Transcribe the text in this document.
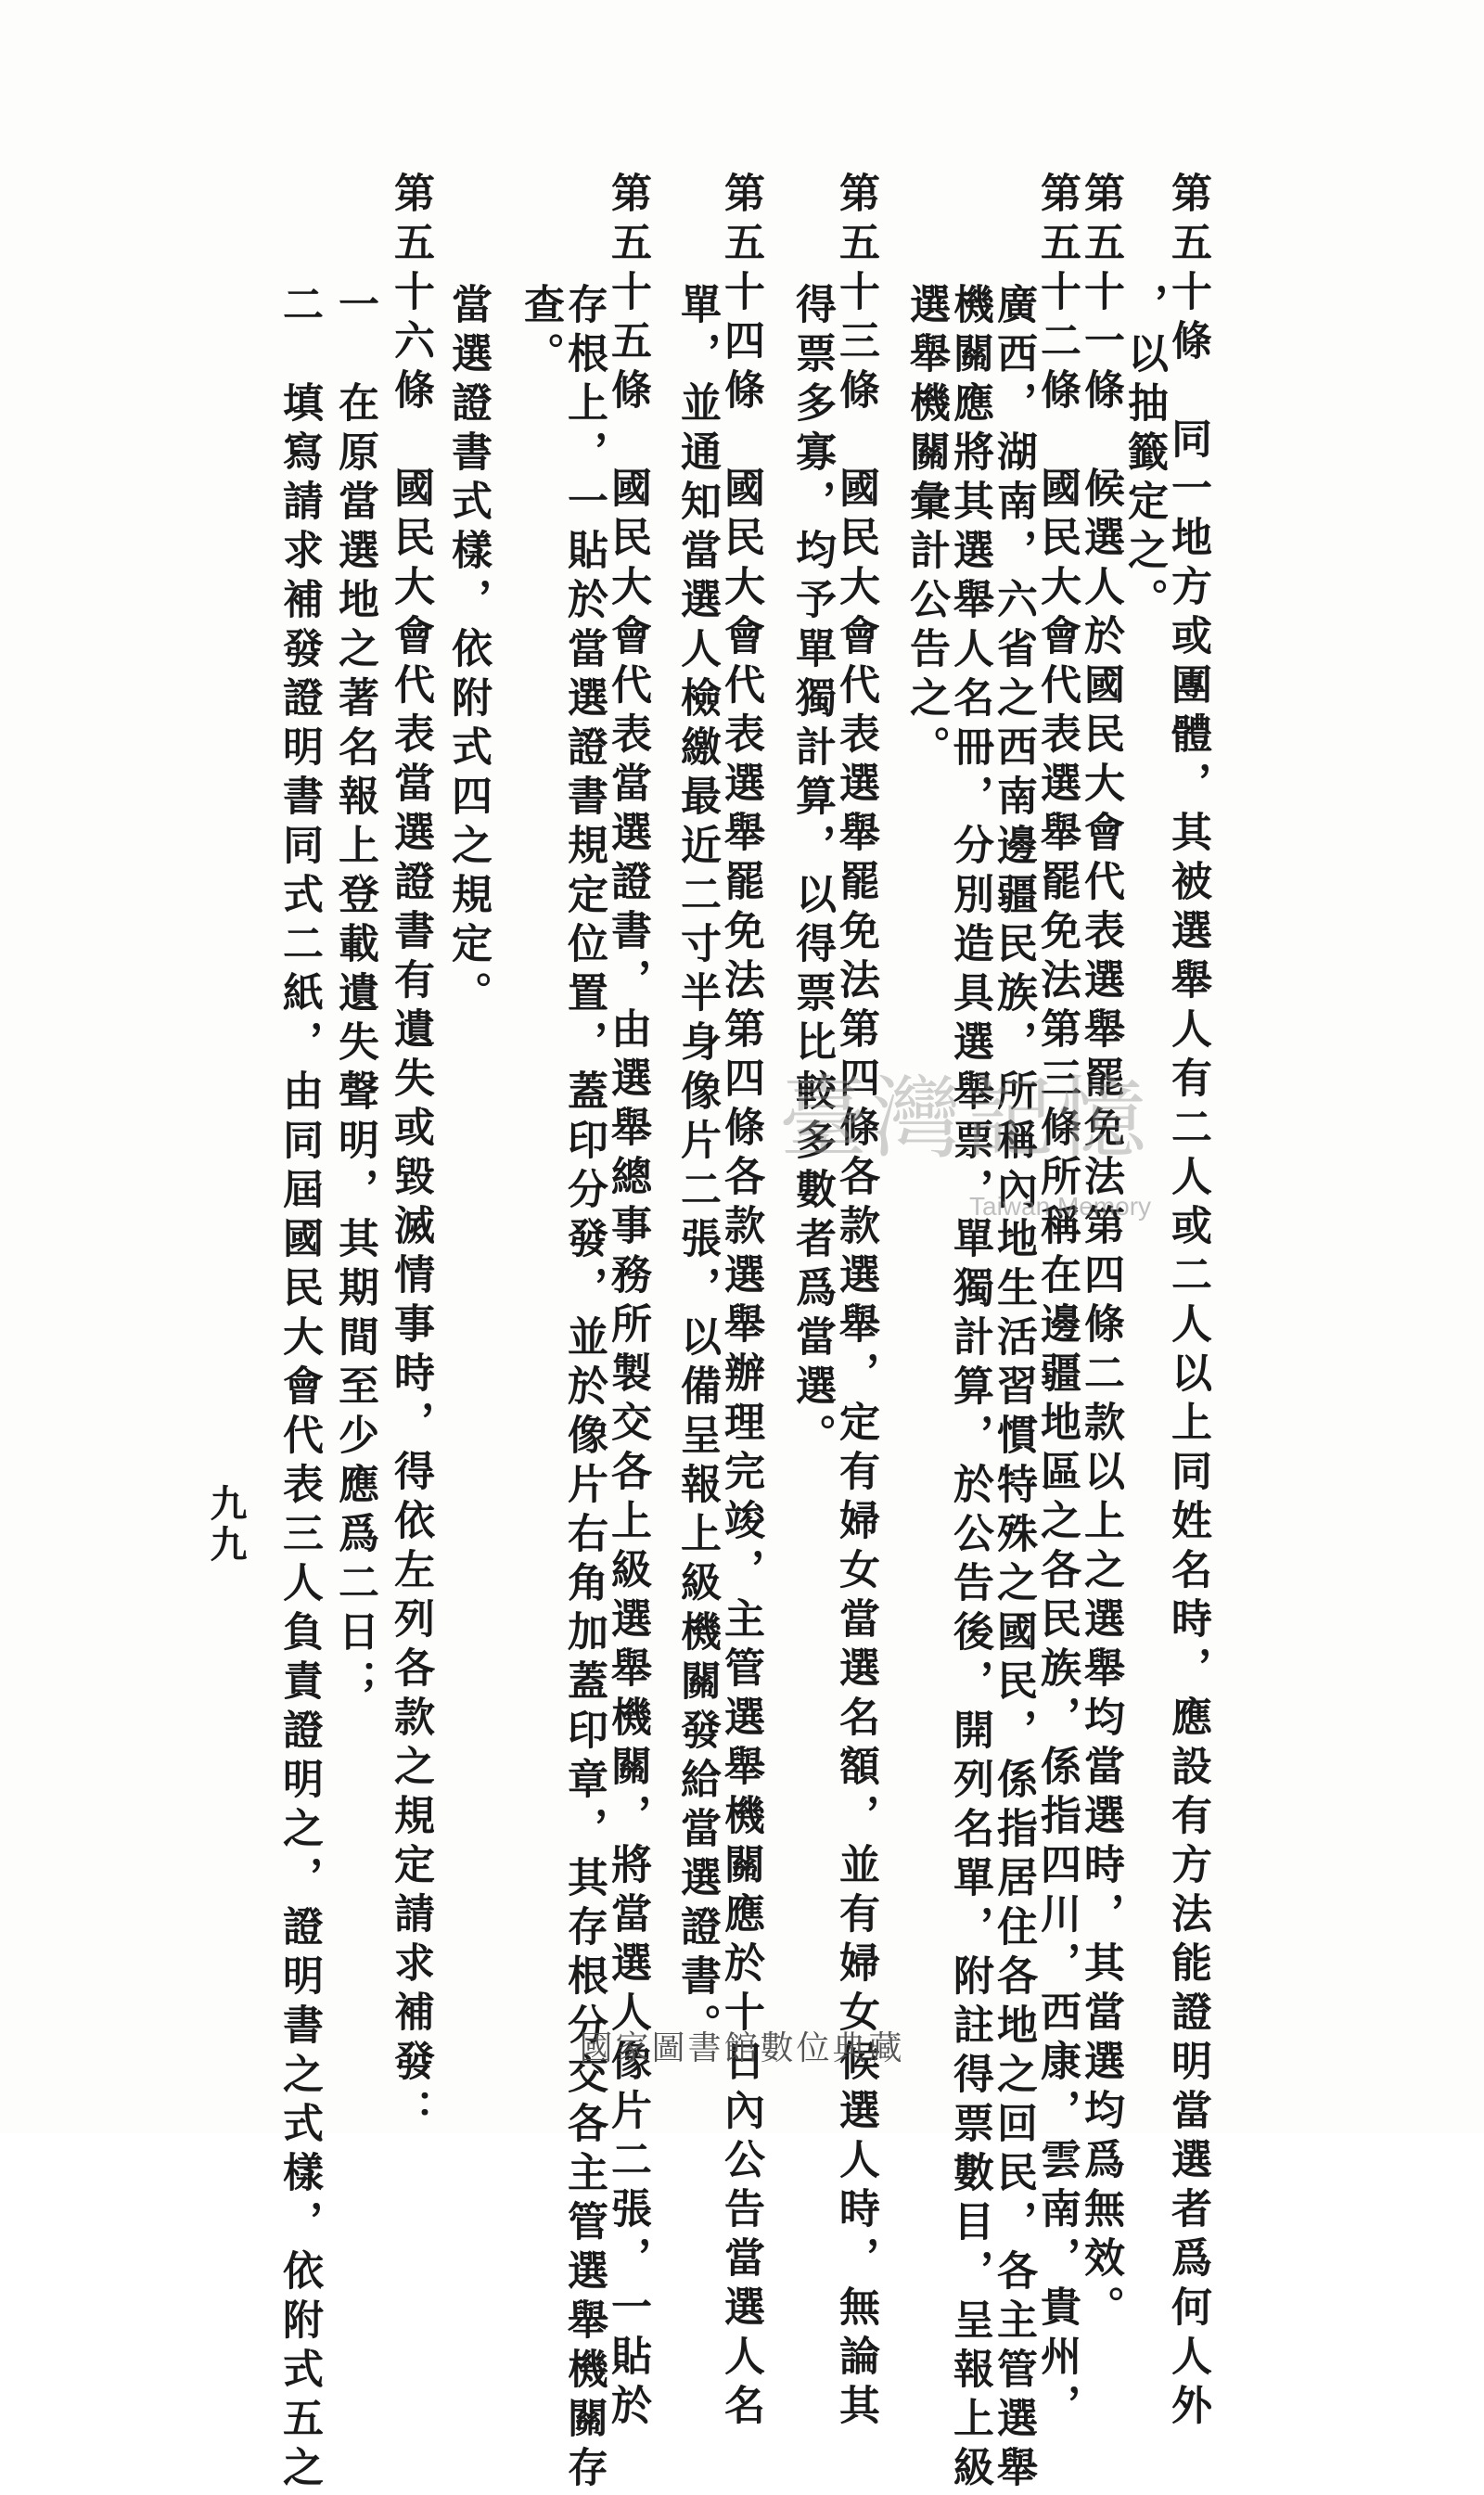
第五十條　同一地方或團體，其被選舉人有二人或二人以上同姓名時，應設有方法能證明當選者爲何人外
，以抽籤定之。
第五十一條　候選人於國民大會代表選舉罷免法第四條二款以上之選舉均當選時，其當選均爲無效。
第五十二條　國民大會代表選舉罷免法第三條所稱在邊疆地區之各民族，係指四川，西康，雲南，貴州，
廣西，湖南，六省之西南邊疆民族，所稱內地生活習慣特殊之國民，係指居住各地之回民，各主管選舉
機關應將其選舉人名冊，分別造具選舉票，單獨計算，於公告後，開列名單，附註得票數目，呈報上級
選舉機關彙計公告之。
第五十三條　國民大會代表選舉罷免法第四條各款選舉，定有婦女當選名額，並有婦女候選人時，無論其
得票多寡，均予單獨計算，以得票比較多數者爲當選。
第五十四條　國民大會代表選舉罷免法第四條各款選舉辦理完竣，主管選舉機關應於十日內公告當選人名
單，並通知當選人檢繳最近二寸半身像片二張，以備呈報上級機關發給當選證書。
第五十五條　國民大會代表當選證書，由選舉總事務所製交各上級選舉機關，將當選人像片二張，一貼於
存根上，一貼於當選證書規定位置，蓋印分發，並於像片右角加蓋印章，其存根分交各主管選舉機關存
查。
當選證書式樣，依附式四之規定。
第五十六條　國民大會代表當選證書有遺失或毀滅情事時，得依左列各款之規定請求補發：
一　在原當選地之著名報上登載遺失聲明，其期間至少應爲二日；
二　填寫請求補發證明書同式二紙，由同屆國民大會代表三人負責證明之，證明書之式樣，依附式五之
九九
臺灣記憶
Taiwan Memory
國家圖書館數位典藏
